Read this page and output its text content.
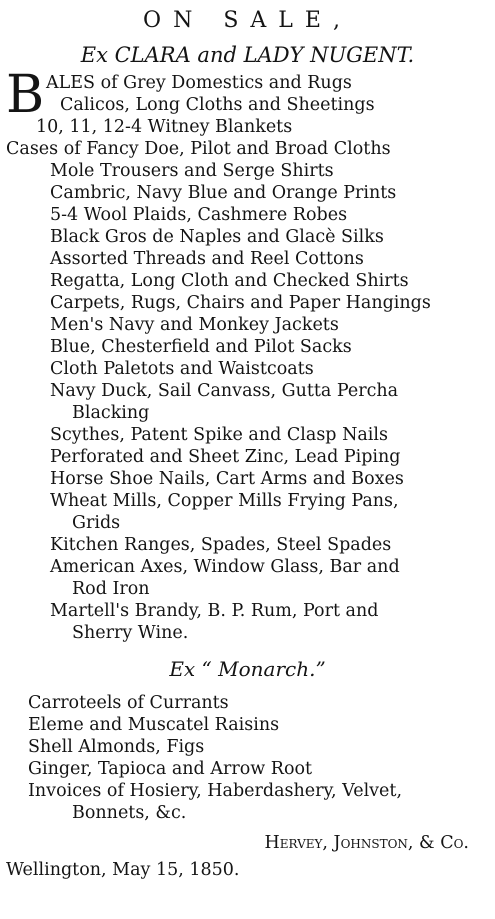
ON SALE,
Ex CLARA and LADY NUGENT.
B ALES of Grey Domestics and Rugs
Calicos, Long Cloths and Sheetings
10, 11, 12-4 Witney Blankets
Cases of Fancy Doe, Pilot and Broad Cloths
Mole Trousers and Serge Shirts
Cambric, Navy Blue and Orange Prints
5-4 Wool Plaids, Cashmere Robes
Black Gros de Naples and Glacè Silks
Assorted Threads and Reel Cottons
Regatta, Long Cloth and Checked Shirts
Carpets, Rugs, Chairs and Paper Hangings
Men's Navy and Monkey Jackets
Blue, Chesterfield and Pilot Sacks
Cloth Paletots and Waistcoats
Navy Duck, Sail Canvass, Gutta Percha
Blacking
Scythes, Patent Spike and Clasp Nails
Perforated and Sheet Zinc, Lead Piping
Horse Shoe Nails, Cart Arms and Boxes
Wheat Mills, Copper Mills Frying Pans,
Grids
Kitchen Ranges, Spades, Steel Spades
American Axes, Window Glass, Bar and
Rod Iron
Martell's Brandy, B. P. Rum, Port and
Sherry Wine.
Ex “ Monarch.”
Carroteels of Currants
Eleme and Muscatel Raisins
Shell Almonds, Figs
Ginger, Tapioca and Arrow Root
Invoices of Hosiery, Haberdashery, Velvet,
Bonnets, &c.
Hervey, Johnston, & Co.
Wellington, May 15, 1850.
